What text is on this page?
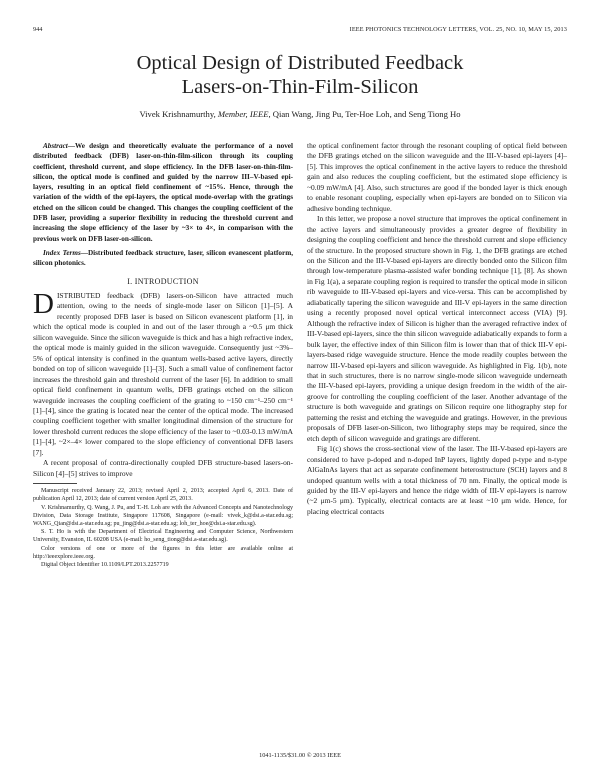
944	IEEE PHOTONICS TECHNOLOGY LETTERS, VOL. 25, NO. 10, MAY 15, 2013
Optical Design of Distributed Feedback
Lasers-on-Thin-Film-Silicon
Vivek Krishnamurthy, Member, IEEE, Qian Wang, Jing Pu, Ter-Hoe Loh, and Seng Tiong Ho

Abstract—We design and theoretically evaluate the performance of a novel distributed feedback (DFB) laser-on-thin-film-silicon through its coupling coefficient, threshold current, and slope efficiency. In the DFB laser-on-thin-film-silicon, the optical mode is confined and guided by the narrow III–V-based epi-layers, resulting in an optical field confinement of ~15%. Hence, through the variation of the width of the epi-layers, the optical mode-overlap with the gratings etched on the silicon could be changed. This changes the coupling coefficient of the DFB laser, providing a superior flexibility in reducing the threshold current and increasing the slope efficiency of the laser by ~3× to 4×, in comparison with the previous work on DFB laser-on-silicon.

Index Terms—Distributed feedback structure, laser, silicon evanescent platform, silicon photonics.

I. INTRODUCTION

DISTRIBUTED feedback (DFB) lasers-on-Silicon have attracted much attention, owing to the needs of single-mode laser on Silicon [1]–[5]. A recently proposed DFB laser is based on Silicon evanescent platform [1], in which the optical mode is coupled in and out of the laser through a ~0.5 μm thick silicon waveguide. Since the silicon waveguide is thick and has a high refractive index, the optical mode is mainly guided in the silicon waveguide. Consequently just ~3%–5% of optical intensity is confined in the quantum wells-based active layers, directly bonded on top of silicon waveguide [1]–[3]. Such a small value of confinement factor increases the threshold gain and threshold current of the laser [6]. In addition to small optical field confinement in quantum wells, DFB gratings etched on the silicon waveguide increases the coupling coefficient of the grating to ~150 cm⁻¹–250 cm⁻¹ [1]–[4], since the grating is located near the center of the optical mode. The increased coupling coefficient together with smaller longitudinal dimension of the structure for lower threshold current reduces the slope efficiency of the laser to ~0.03-0.13 mW/mA [1]–[4], ~2×–4× lower compared to the slope efficiency of conventional DFB lasers [7].

A recent proposal of contra-directionally coupled DFB structure-based lasers-on-Silicon [4]–[5] strives to improve

Manuscript received January 22, 2013; revised April 2, 2013; accepted April 6, 2013. Date of publication April 12, 2013; date of current version April 25, 2013.

V. Krishnamurthy, Q. Wang, J. Pu, and T.-H. Loh are with the Advanced Concepts and Nanotechnology Division, Data Storage Institute, Singapore 117608, Singapore (e-mail: vivek_k@dsi.a-star.edu.sg; WANG_Qian@dsi.a-star.edu.sg; pu_jing@dsi.a-star.edu.sg; loh_ter_hoe@dsi.a-star.edu.sg).

S. T. Ho is with the Department of Electrical Engineering and Computer Science, Northwestern University, Evanston, IL 60208 USA (e-mail: ho_seng_tiong@dsi.a-star.edu.sg).

Color versions of one or more of the figures in this letter are available online at http://ieeexplore.ieee.org.

Digital Object Identifier 10.1109/LPT.2013.2257719

the optical confinement factor through the resonant coupling of optical field between the DFB gratings etched on the silicon waveguide and the III-V-based epi-layers [4]–[5]. This improves the optical confinement in the active layers to reduce the threshold gain and also reduces the coupling coefficient, but the estimated slope efficiency is ~0.09 mW/mA [4]. Also, such structures are good if the bonded layer is thick enough to enable resonant coupling, especially when epi-layers are bonded on to Silicon via adhesive bonding technique.

In this letter, we propose a novel structure that improves the optical confinement in the active layers and simultaneously provides a greater degree of flexibility in designing the coupling coefficient and hence the threshold current and slope efficiency of the structure. In the proposed structure shown in Fig. 1, the DFB gratings are etched on the Silicon and the III-V-based epi-layers are directly bonded onto the Silicon film through low-temperature plasma-assisted wafer bonding technique [1], [8]. As shown in Fig 1(a), a separate coupling region is required to transfer the optical mode in silicon rib waveguide to III-V-based epi-layers and vice-versa. This can be accomplished by adiabatically tapering the silicon waveguide and III-V epi-layers in the same direction using a recently proposed novel optical vertical interconnect access (VIA) [9]. Although the refractive index of Silicon is higher than the averaged refractive index of III-V-based epi-layers, since the thin silicon waveguide adiabatically expands to form a bulk layer, the effective index of thin Silicon film is lower than that of thick III-V epi-layers-based ridge waveguide structure. Hence the mode readily couples between the narrow III-V-based epi-layers and silicon waveguide. As highlighted in Fig. 1(b), note that in such structures, there is no narrow single-mode silicon waveguide underneath the III-V-based epi-layers, providing a unique design freedom in the width of the air-groove for controlling the coupling coefficient of the laser. Another advantage of the structure is both waveguide and gratings on Silicon require one lithography step for patterning the resist and etching the waveguide and gratings. However, in the previous proposals of DFB laser-on-Silicon, two lithography steps may be required, since the etch depth of silicon waveguide and gratings are different.

Fig 1(c) shows the cross-sectional view of the laser. The III-V-based epi-layers are considered to have p-doped and n-doped InP layers, lightly doped p-type and n-type AlGaInAs layers that act as separate confinement heterostructure (SCH) layers and 8 undoped quantum wells with a total thickness of 70 nm. Finally, the optical mode is guided by the III-V epi-layers and hence the ridge width of III-V epi-layers is narrow (~2 μm-5 μm). Typically, electrical contacts are at least ~10 μm wide. Hence, for placing electrical contacts

1041-1135/$31.00 © 2013 IEEE
